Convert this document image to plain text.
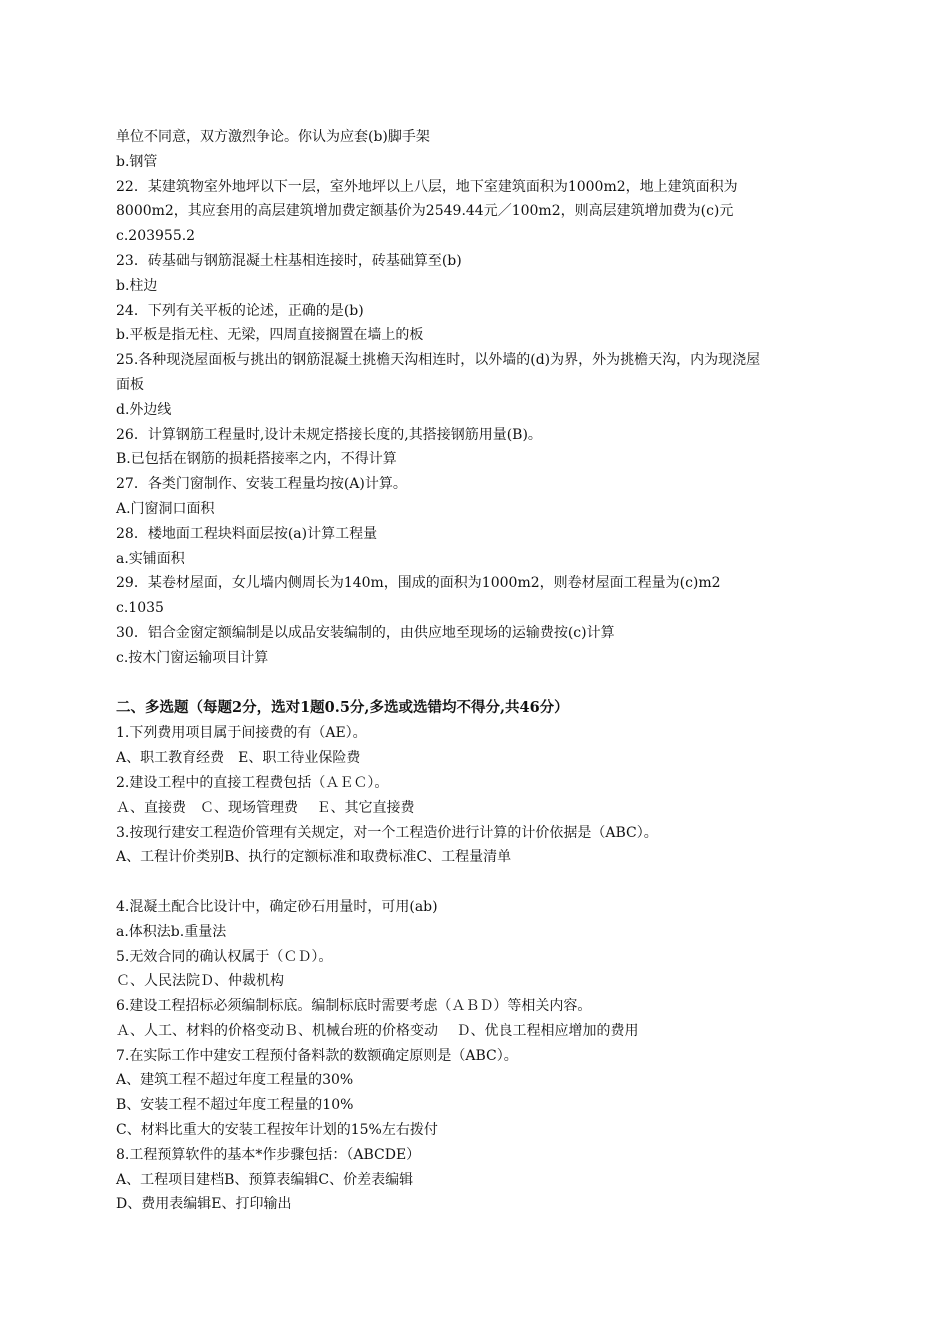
单位不同意，双方激烈争论。你认为应套(b)脚手架
b.钢管
22．某建筑物室外地坪以下一层，室外地坪以上八层，地下室建筑面积为1000m2，地上建筑面积为
8000m2，其应套用的高层建筑增加费定额基价为2549.44元／100m2，则高层建筑增加费为(c)元
c.203955.2
23．砖基础与钢筋混凝土柱基相连接时，砖基础算至(b)
b.柱边
24．下列有关平板的论述，正确的是(b)
b.平板是指无柱、无梁，四周直接搁置在墙上的板
25.各种现浇屋面板与挑出的钢筋混凝土挑檐天沟相连时，以外墙的(d)为界，外为挑檐天沟，内为现浇屋
面板
d.外边线
26．计算钢筋工程量时,设计未规定搭接长度的,其搭接钢筋用量(B)。
B.已包括在钢筋的损耗搭接率之内，不得计算
27．各类门窗制作、安装工程量均按(A)计算。
A.门窗洞口面积
28．楼地面工程块料面层按(a)计算工程量
a.实铺面积
29．某卷材屋面，女儿墙内侧周长为140m，围成的面积为1000m2，则卷材屋面工程量为(c)m2
c.1035
30．铝合金窗定额编制是以成品安装编制的，由供应地至现场的运输费按(c)计算
c.按木门窗运输项目计算
二、多选题（每题2分，选对1题0.5分,多选或选错均不得分,共46分）
1.下列费用项目属于间接费的有（AE）。
A、职工教育经费　E、职工待业保险费
2.建设工程中的直接工程费包括（ＡＥＣ）。
Ａ、直接费　Ｃ、现场管理费　 Ｅ、其它直接费
3.按现行建安工程造价管理有关规定，对一个工程造价进行计算的计价依据是（ABC）。
A、工程计价类别B、执行的定额标准和取费标准C、工程量清单
4.混凝土配合比设计中，确定砂石用量时，可用(ab)
a.体积法b.重量法
5.无效合同的确认权属于（ＣＤ）。
Ｃ、人民法院Ｄ、仲裁机构
6.建设工程招标必须编制标底。编制标底时需要考虑（ＡＢＤ）等相关内容。
Ａ、人工、材料的价格变动Ｂ、机械台班的价格变动　 Ｄ、优良工程相应增加的费用
7.在实际工作中建安工程预付备料款的数额确定原则是（ABC）。
A、建筑工程不超过年度工程量的30%
B、安装工程不超过年度工程量的10%
C、材料比重大的安装工程按年计划的15%左右拨付
8.工程预算软件的基本*作步骤包括：（ABCDE）
A、工程项目建档B、预算表编辑C、价差表编辑
D、费用表编辑E、打印输出
